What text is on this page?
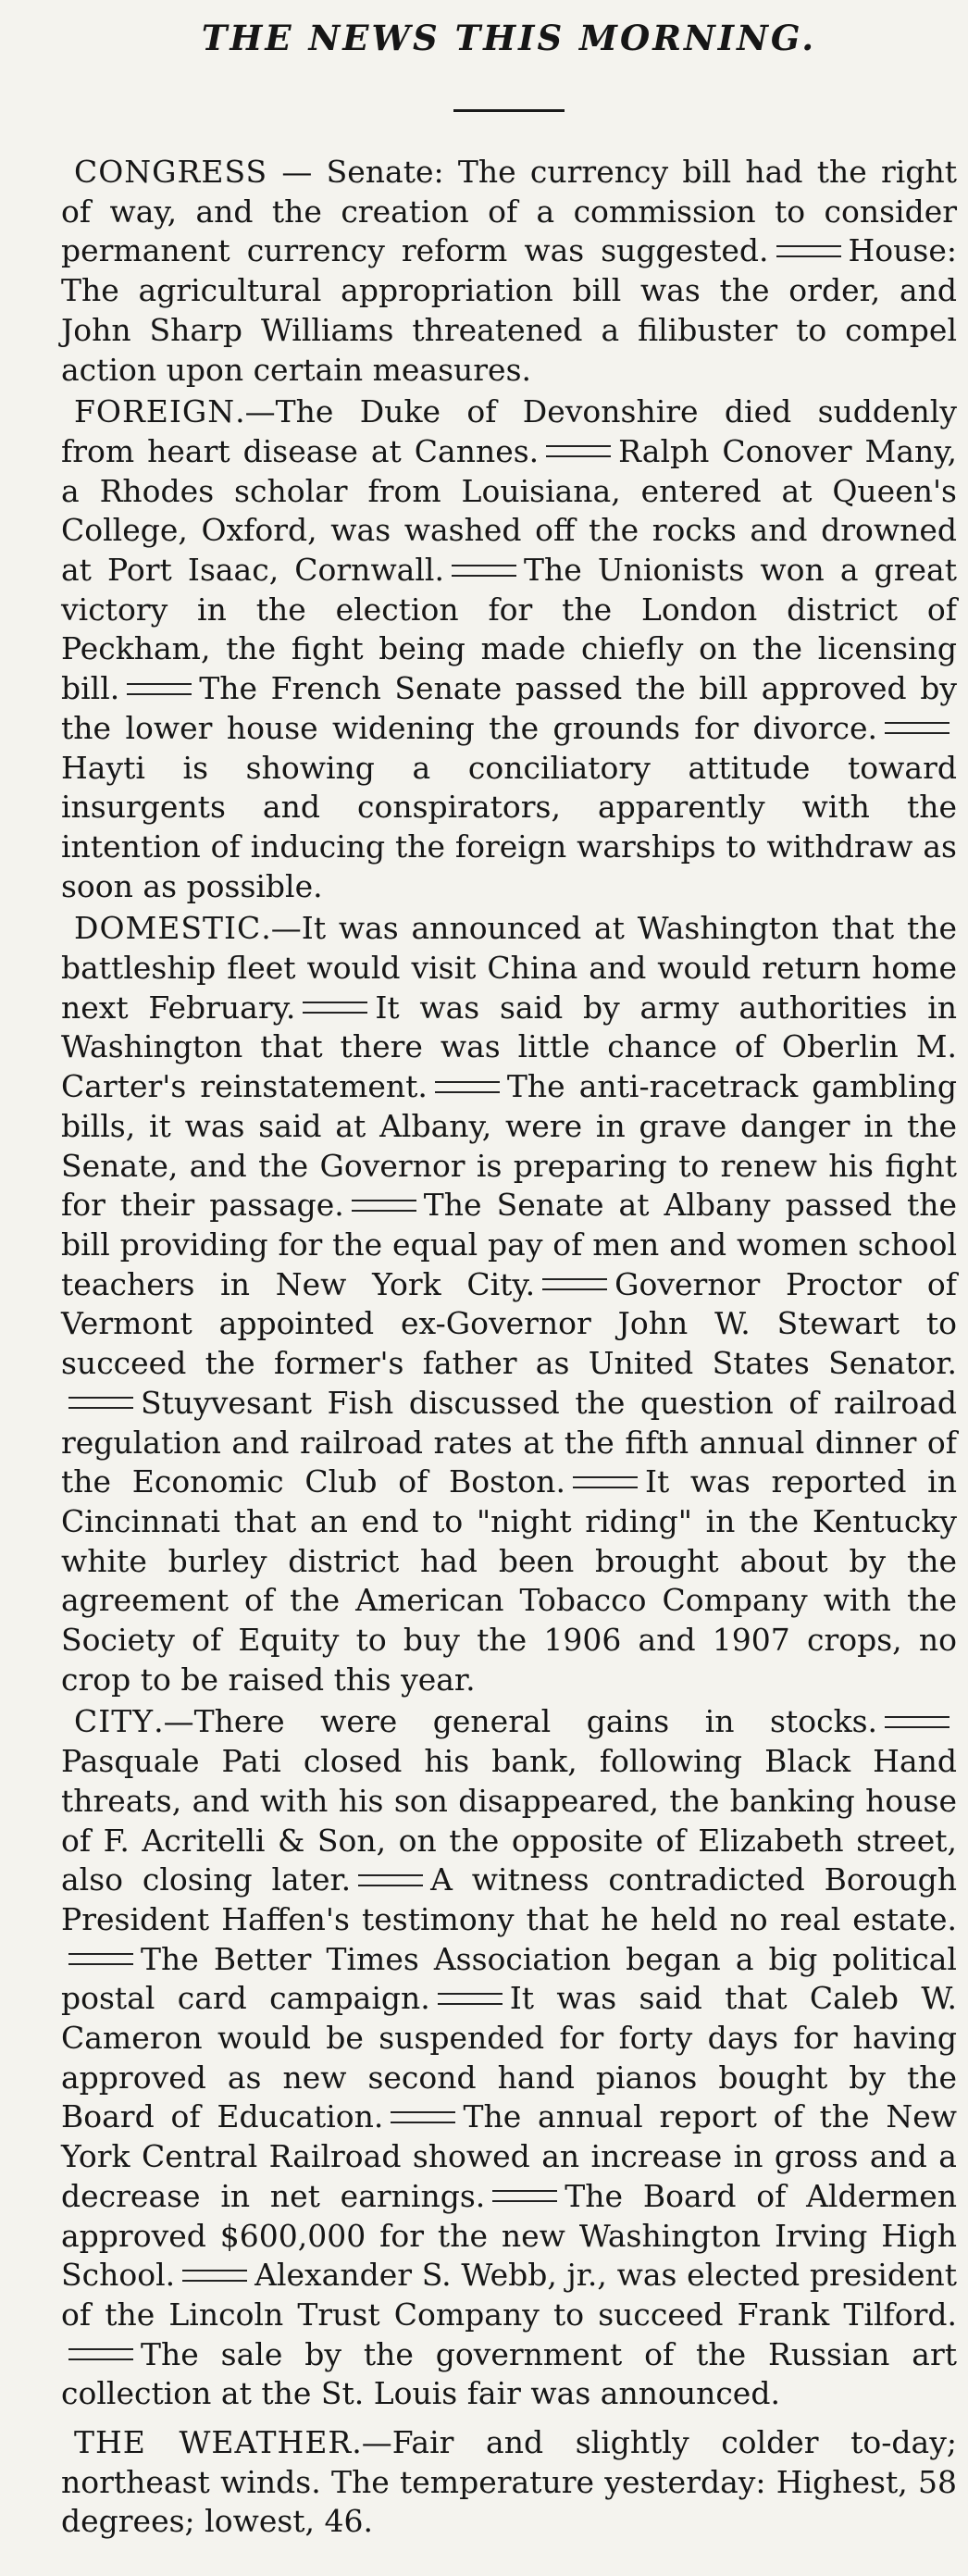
THE NEWS THIS MORNING.

CONGRESS — Senate: The currency bill had the right of way, and the creation of a commission to consider permanent currency reform was suggested.	House: The agricultural appropriation bill was the order, and John Sharp Williams threatened a filibuster to compel action upon certain measures.

FOREIGN.—The Duke of Devonshire died suddenly from heart disease at Cannes.	Ralph Conover Many, a Rhodes scholar from Louisiana, entered at Queen's College, Oxford, was washed off the rocks and drowned at Port Isaac, Cornwall.	The Unionists won a great victory in the election for the London district of Peckham, the fight being made chiefly on the licensing bill.	The French Senate passed the bill approved by the lower house widening the grounds for divorce.Hayti is showing a conciliatory attitude toward insurgents and conspirators, apparently with the intention of inducing the foreign warships to withdraw as soon as possible.

DOMESTIC.—It was announced at Washington that the battleship fleet would visit China and would return home next February.	It was said by army authorities in Washington that there was little chance of Oberlin M. Carter's reinstatement.	The anti-racetrack gambling bills, it was said at Albany, were in grave danger in the Senate, and the Governor is preparing to renew his fight for their passage.	The Senate at Albany passed the bill providing for the equal pay of men and women school teachers in New York City.	Governor Proctor of Vermont appointed ex-Governor John W. Stewart to succeed the former's father as United States Senator.Stuyvesant Fish discussed the question of railroad regulation and railroad rates at the fifth annual dinner of the Economic Club of Boston.	It was reported in Cincinnati that an end to "night riding" in the Kentucky white burley district had been brought about by the agreement of the American Tobacco Company with the Society of Equity to buy the 1906 and 1907 crops, no crop to be raised this year.

CITY.—There were general gains in stocks.Pasquale Pati closed his bank, following Black Hand threats, and with his son disappeared, the banking house of F. Acritelli & Son, on the opposite of Elizabeth street, also closing later.	A witness contradicted Borough President Haffen's testimony that he held no real estate.The Better Times Association began a big political postal card campaign.	It was said that Caleb W. Cameron would be suspended for forty days for having approved as new second hand pianos bought by the Board of Education.	The annual report of the New York Central Railroad showed an increase in gross and a decrease in net earnings.	The Board of Aldermen approved $600,000 for the new Washington Irving High School.	Alexander S. Webb, jr., was elected president of the Lincoln Trust Company to succeed Frank Tilford.The sale by the government of the Russian art collection at the St. Louis fair was announced.

THE WEATHER.—Fair and slightly colder to-day; northeast winds. The temperature yesterday: Highest, 58 degrees; lowest, 46.
